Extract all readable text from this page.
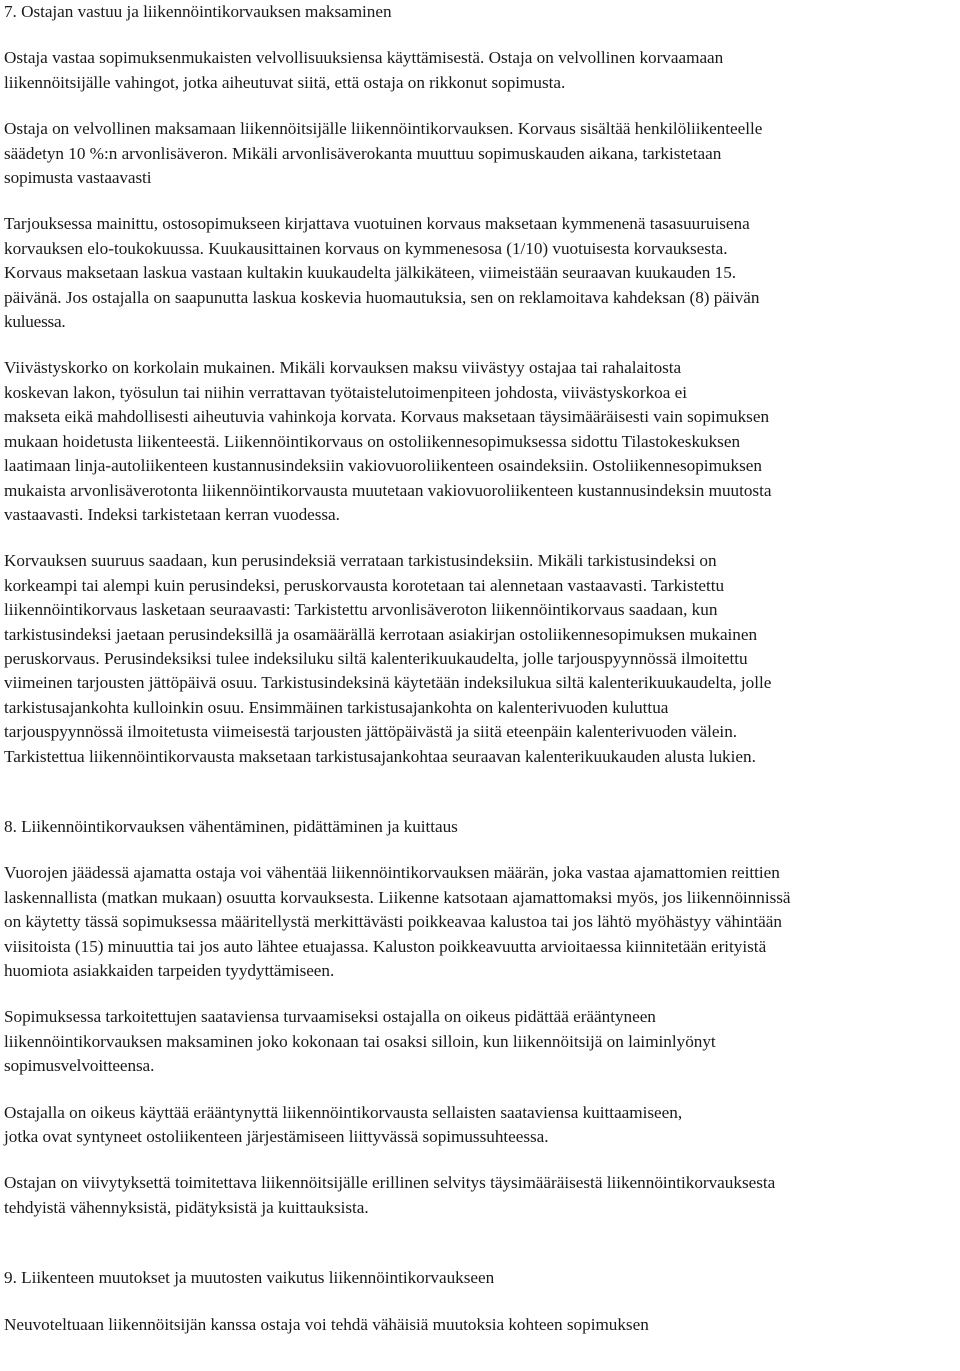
7. Ostajan vastuu ja liikennöintikorvauksen maksaminen

Ostaja vastaa sopimuksenmukaisten velvollisuuksiensa käyttämisestä. Ostaja on velvollinen korvaamaan
liikennöitsijälle vahingot, jotka aiheutuvat siitä, että ostaja on rikkonut sopimusta.

Ostaja on velvollinen maksamaan liikennöitsijälle liikennöintikorvauksen. Korvaus sisältää henkilöliikenteelle
säädetyn 10 %:n arvonlisäveron. Mikäli arvonlisäverokanta muuttuu sopimuskauden aikana, tarkistetaan
sopimusta vastaavasti

Tarjouksessa mainittu, ostosopimukseen kirjattava vuotuinen korvaus maksetaan kymmenenä tasasuuruisena
korvauksen elo-toukokuussa. Kuukausittainen korvaus on kymmenesosa (1/10) vuotuisesta korvauksesta.
Korvaus maksetaan laskua vastaan kultakin kuukaudelta jälkikäteen, viimeistään seuraavan kuukauden 15.
päivänä. Jos ostajalla on saapunutta laskua koskevia huomautuksia, sen on reklamoitava kahdeksan (8) päivän
kuluessa.

Viivästyskorko on korkolain mukainen. Mikäli korvauksen maksu viivästyy ostajaa tai rahalaitosta
koskevan lakon, työsulun tai niihin verrattavan työtaistelutoimenpiteen johdosta, viivästyskorkoa ei
makseta eikä mahdollisesti aiheutuvia vahinkoja korvata. Korvaus maksetaan täysimääräisesti vain sopimuksen
mukaan hoidetusta liikenteestä. Liikennöintikorvaus on ostoliikennesopimuksessa sidottu Tilastokeskuksen
laatimaan linja-autoliikenteen kustannusindeksiin vakiovuoroliikenteen osaindeksiin. Ostoliikennesopimuksen
mukaista arvonlisäverotonta liikennöintikorvausta muutetaan vakiovuoroliikenteen kustannusindeksin muutosta
vastaavasti. Indeksi tarkistetaan kerran vuodessa.

Korvauksen suuruus saadaan, kun perusindeksiä verrataan tarkistusindeksiin. Mikäli tarkistusindeksi on
korkeampi tai alempi kuin perusindeksi, peruskorvausta korotetaan tai alennetaan vastaavasti. Tarkistettu
liikennöintikorvaus lasketaan seuraavasti: Tarkistettu arvonlisäveroton liikennöintikorvaus saadaan, kun
tarkistusindeksi jaetaan perusindeksillä ja osamäärällä kerrotaan asiakirjan ostoliikennesopimuksen mukainen
peruskorvaus. Perusindeksiksi tulee indeksiluku siltä kalenterikuukaudelta, jolle tarjouspyynnössä ilmoitettu
viimeinen tarjousten jättöpäivä osuu. Tarkistusindeksinä käytetään indeksilukua siltä kalenterikuukaudelta, jolle
tarkistusajankohta kulloinkin osuu. Ensimmäinen tarkistusajankohta on kalenterivuoden kuluttua
tarjouspyynnössä ilmoitetusta viimeisestä tarjousten jättöpäivästä ja siitä eteenpäin kalenterivuoden välein.
Tarkistettua liikennöintikorvausta maksetaan tarkistusajankohtaa seuraavan kalenterikuukauden alusta lukien.

8. Liikennöintikorvauksen vähentäminen, pidättäminen ja kuittaus

Vuorojen jäädessä ajamatta ostaja voi vähentää liikennöintikorvauksen määrän, joka vastaa ajamattomien reittien
laskennallista (matkan mukaan) osuutta korvauksesta. Liikenne katsotaan ajamattomaksi myös, jos liikennöinnissä
on käytetty tässä sopimuksessa määritellystä merkittävästi poikkeavaa kalustoa tai jos lähtö myöhästyy vähintään
viisitoista (15) minuuttia tai jos auto lähtee etuajassa. Kaluston poikkeavuutta arvioitaessa kiinnitetään erityistä
huomiota asiakkaiden tarpeiden tyydyttämiseen.

Sopimuksessa tarkoitettujen saataviensa turvaamiseksi ostajalla on oikeus pidättää erääntyneen
liikennöintikorvauksen maksaminen joko kokonaan tai osaksi silloin, kun liikennöitsijä on laiminlyönyt
sopimusvelvoitteensa.

Ostajalla on oikeus käyttää erääntynyttä liikennöintikorvausta sellaisten saataviensa kuittaamiseen,
jotka ovat syntyneet ostoliikenteen järjestämiseen liittyvässä sopimussuhteessa.

Ostajan on viivytyksettä toimitettava liikennöitsijälle erillinen selvitys täysimääräisestä liikennöintikorvauksesta
tehdyistä vähennyksistä, pidätyksistä ja kuittauksista.

9. Liikenteen muutokset ja muutosten vaikutus liikennöintikorvaukseen

Neuvoteltuaan liikennöitsijän kanssa ostaja voi tehdä vähäisiä muutoksia kohteen sopimuksen
